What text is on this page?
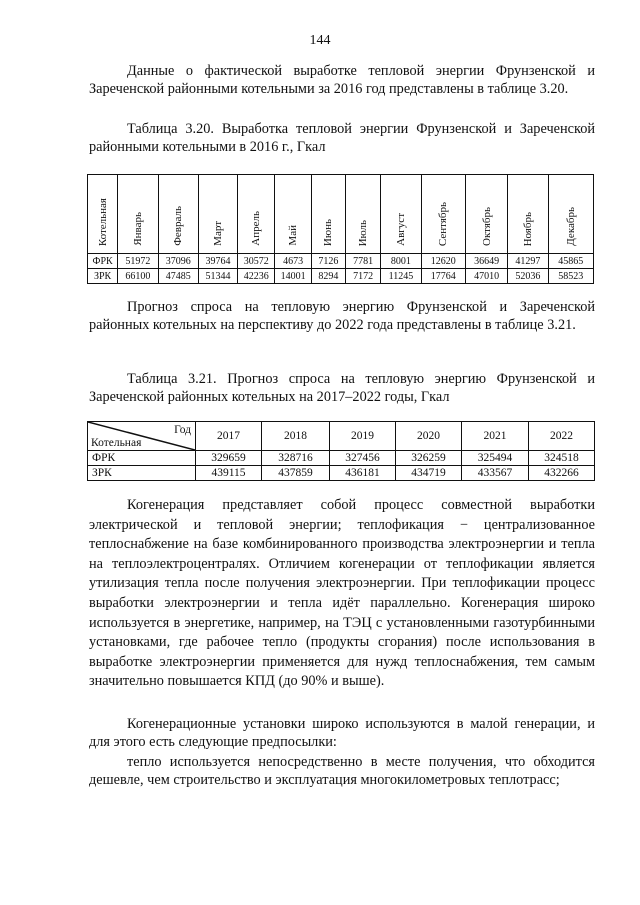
144

Данные о фактической выработке тепловой энергии Фрунзенской и Зареченской районными котельными за 2016 год представлены в таблице 3.20.

Таблица 3.20. Выработка тепловой энергии Фрунзенской и Зареченской районными котельными в 2016 г., Гкал

Котельная	Январь	Февраль	Март	Апрель	Май	Июнь	Июль	Август	Сентябрь	Октябрь	Ноябрь	Декабрь
ФРК	51972	37096	39764	30572	4673	7126	7781	8001	12620	36649	41297	45865
ЗРК	66100	47485	51344	42236	14001	8294	7172	11245	17764	47010	52036	58523

Прогноз спроса на тепловую энергию Фрунзенской и Зареченской районных котельных на перспективу до 2022 года представлены в таблице 3.21.

Таблица 3.21. Прогноз спроса на тепловую энергию Фрунзенской и Зареченской районных котельных на 2017–2022 годы, Гкал

Год
Котельная	2017	2018	2019	2020	2021	2022
ФРК	329659	328716	327456	326259	325494	324518
ЗРК	439115	437859	436181	434719	433567	432266

Когенерация представляет собой процесс совместной выработки электрической и тепловой энергии; теплофикация − централизованное теплоснабжение на базе комбинированного производства электроэнергии и тепла на теплоэлектроцентралях. Отличием когенерации от теплофикации является утилизация тепла после получения электроэнергии. При теплофикации процесс выработки электроэнергии и тепла идёт параллельно. Когенерация широко используется в энергетике, например, на ТЭЦ с установленными газотурбинными установками, где рабочее тепло (продукты сгорания) после использования в выработке электроэнергии применяется для нужд теплоснабжения, тем самым значительно повышается КПД (до 90% и выше).

Когенерационные установки широко используются в малой генерации, и для этого есть следующие предпосылки:

тепло используется непосредственно в месте получения, что обходится дешевле, чем строительство и эксплуатация многокилометровых теплотрасс;
